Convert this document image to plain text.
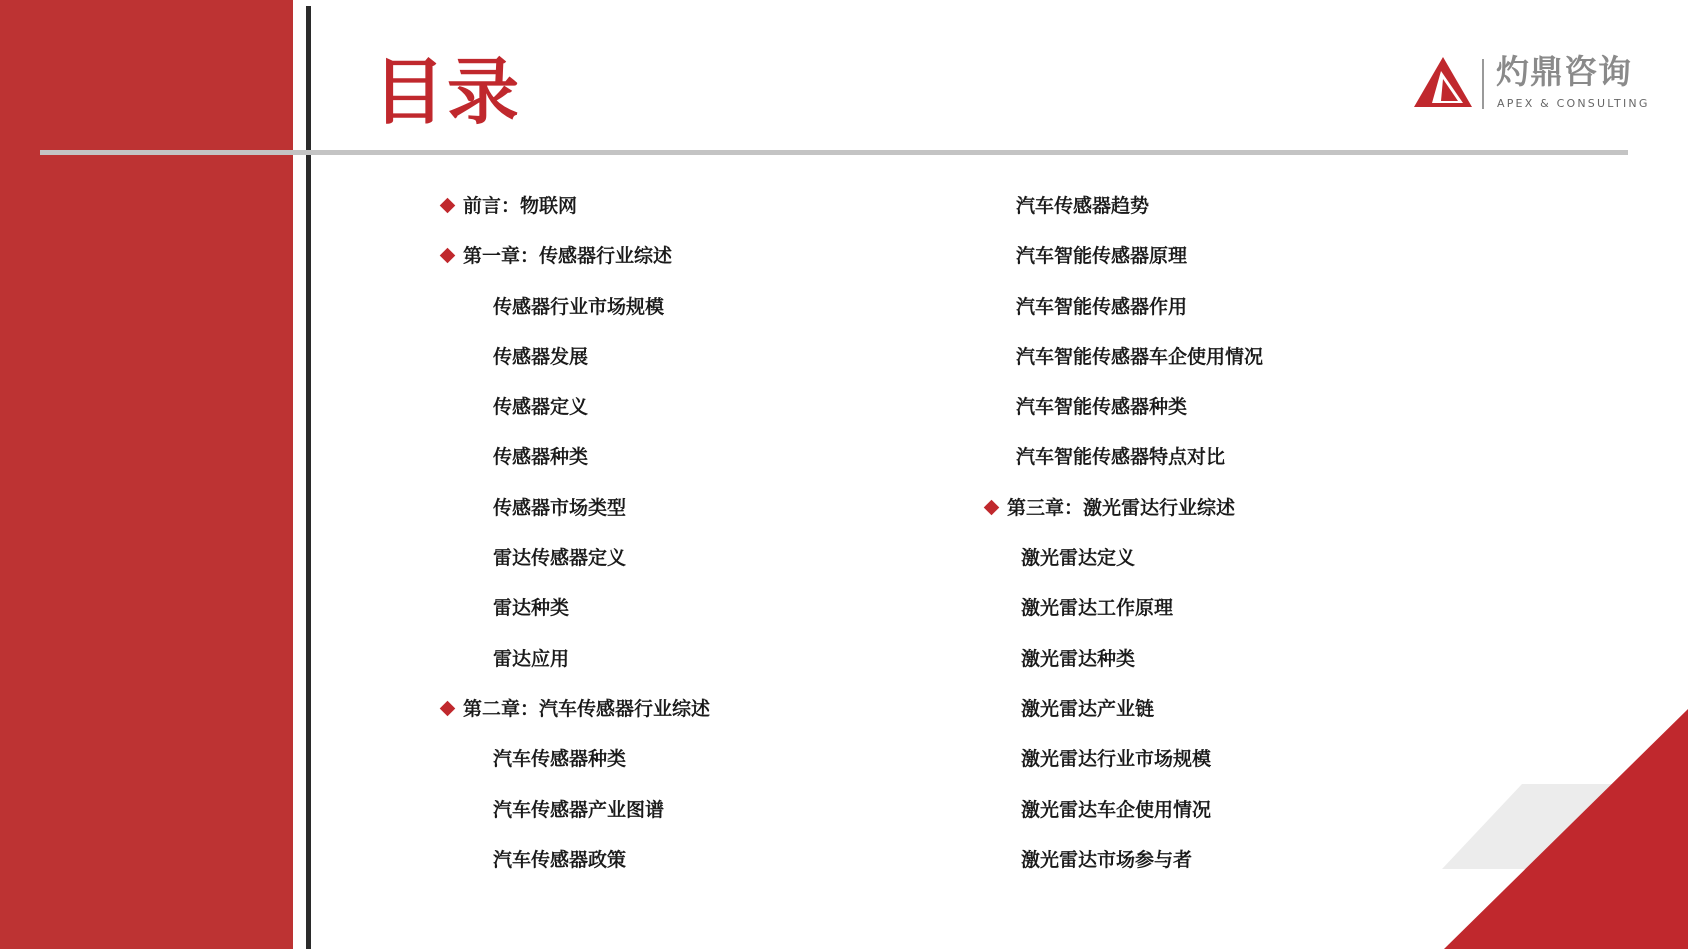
目录	灼鼎咨询
APEX & CONSULTING
前言：物联网
第一章：传感器行业综述
传感器行业市场规模
传感器发展
传感器定义
传感器种类
传感器市场类型
雷达传感器定义
雷达种类
雷达应用
第二章：汽车传感器行业综述
汽车传感器种类
汽车传感器产业图谱
汽车传感器政策
汽车传感器趋势
汽车智能传感器原理
汽车智能传感器作用
汽车智能传感器车企使用情况
汽车智能传感器种类
汽车智能传感器特点对比
第三章：激光雷达行业综述
激光雷达定义
激光雷达工作原理
激光雷达种类
激光雷达产业链
激光雷达行业市场规模
激光雷达车企使用情况
激光雷达市场参与者
